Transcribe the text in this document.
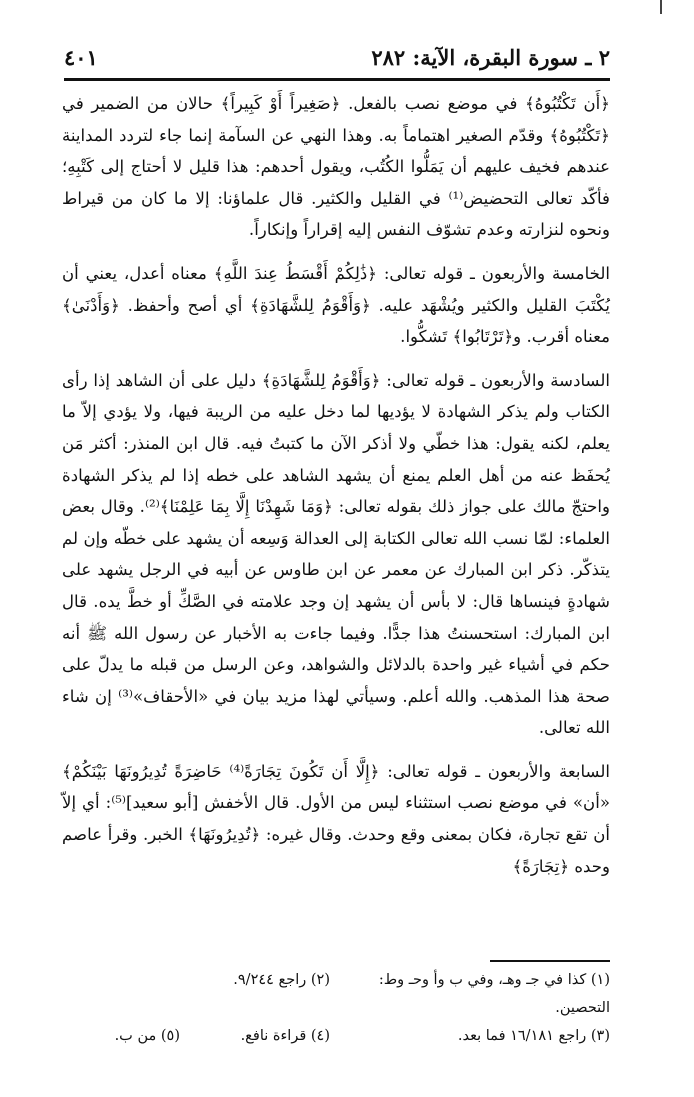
٤٠١	٢ ـ سورة البقرة، الآية: ٢٨٢

﴿أَن تَكْتُبُوهُ﴾ في موضع نصب بالفعل. ﴿صَغِيراً أَوْ كَبِيراً﴾ حالان من الضمير في ﴿تَكْتُبُوهُ﴾ وقدّم الصغير اهتماماً به. وهذا النهي عن السآمة إنما جاء لتردد المداينة عندهم فخيف عليهم أن يَمَلُّوا الكُتُب، ويقول أحدهم: هذا قليل لا أحتاج إلى كَتْبِهِ؛ فأكّد تعالى التحضيض⁽¹⁾ في القليل والكثير. قال علماؤنا: إلا ما كان من قيراط ونحوه لنزارته وعدم تشوّف النفس إليه إقراراً وإنكاراً.

الخامسة والأربعون ـ قوله تعالى: ﴿ذَٰلِكُمْ أَقْسَطُ عِندَ اللَّهِ﴾ معناه أعدل، يعني أن يُكْتَبَ القليل والكثير ويُشْهَد عليه. ﴿وَأَقْوَمُ لِلشَّهَادَةِ﴾ أي أصح وأحفظ. ﴿وَأَدْنَىٰ﴾ معناه أقرب. و﴿تَرْتَابُوا﴾ تَشكُّوا.

السادسة والأربعون ـ قوله تعالى: ﴿وَأَقْوَمُ لِلشَّهَادَةِ﴾ دليل على أن الشاهد إذا رأى الكتاب ولم يذكر الشهادة لا يؤديها لما دخل عليه من الريبة فيها، ولا يؤدي إلاّ ما يعلم، لكنه يقول: هذا خطّي ولا أذكر الآن ما كتبتُ فيه. قال ابن المنذر: أكثر مَن يُحفَظ عنه من أهل العلم يمنع أن يشهد الشاهد على خطه إذا لم يذكر الشهادة واحتجّ مالك على جواز ذلك بقوله تعالى: ﴿وَمَا شَهِدْنَا إِلَّا بِمَا عَلِمْنَا﴾⁽²⁾. وقال بعض العلماء: لمّا نسب الله تعالى الكتابة إلى العدالة وَسِعه أن يشهد على خطّه وإن لم يتذكّر. ذكر ابن المبارك عن معمر عن ابن طاوس عن أبيه في الرجل يشهد على شهادةٍ فينساها قال: لا بأس أن يشهد إن وجد علامته في الصَّكِّ أو خطَّ يده. قال ابن المبارك: استحسنتُ هذا جدًّا. وفيما جاءت به الأخبار عن رسول الله ﷺ أنه حكم في أشياء غير واحدة بالدلائل والشواهد، وعن الرسل من قبله ما يدلّ على صحة هذا المذهب. والله أعلم. وسيأتي لهذا مزيد بيان في «الأحقاف»⁽³⁾ إن شاء الله تعالى.

السابعة والأربعون ـ قوله تعالى: ﴿إِلَّا أَن تَكُونَ تِجَارَةً⁽⁴⁾ حَاضِرَةً تُدِيرُونَهَا بَيْنَكُمْ﴾ «أن» في موضع نصب استثناء ليس من الأول. قال الأخفش [أبو سعيد]⁽⁵⁾: أي إلاّ أن تقع تجارة، فكان بمعنى وقع وحدث. وقال غيره: ﴿تُدِيرُونَهَا﴾ الخبر. وقرأ عاصم وحده ﴿تِجَارَةً﴾

(١) كذا في جـ وهـ، وفي ب وأ وحـ وط: التحصين.
(٢) راجع ٩/٢٤٤.
(٣) راجع ١٦/١٨١ فما بعد.
(٤) قراءة نافع.
(٥) من ب.
